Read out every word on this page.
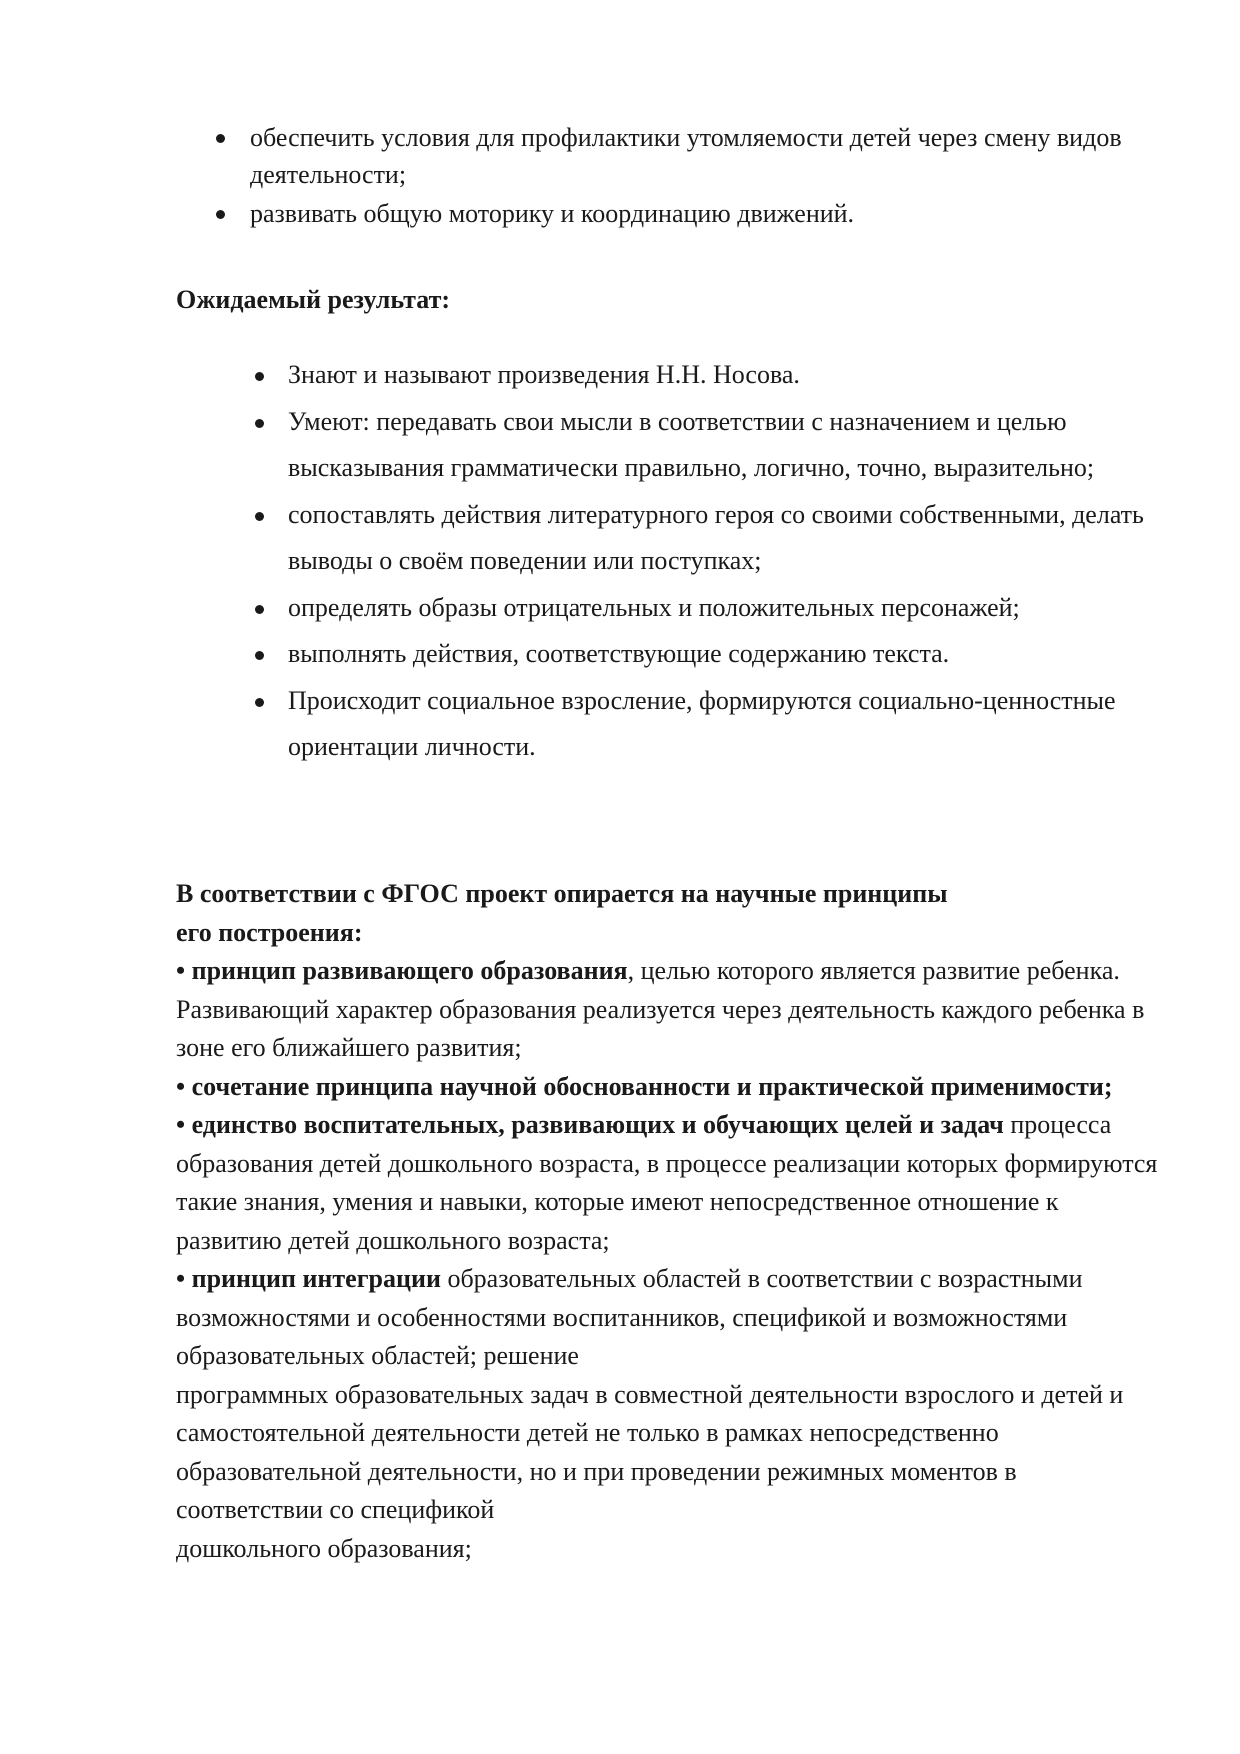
обеспечить условия для профилактики утомляемости детей через смену видов деятельности;
развивать общую моторику и координацию движений.
Ожидаемый результат:
Знают и называют произведения Н.Н. Носова.
Умеют: передавать свои мысли в соответствии с назначением и целью высказывания грамматически правильно, логично, точно, выразительно;
сопоставлять действия литературного героя со своими собственными, делать выводы о своём поведении или поступках;
определять образы отрицательных и положительных персонажей;
выполнять действия, соответствующие содержанию текста.
Происходит социальное взросление, формируются социально-ценностные ориентации личности.

В соответствии с ФГОС проект опирается на научные принципы
его построения:

• принцип развивающего образования, целью которого является развитие ребенка. Развивающий характер образования реализуется через деятельность каждого ребенка в зоне его ближайшего развития;

• сочетание принципа научной обоснованности и практической применимости;

• единство воспитательных, развивающих и обучающих целей и задач процесса образования детей дошкольного возраста, в процессе реализации которых формируются такие знания, умения и навыки, которые имеют непосредственное отношение к развитию детей дошкольного возраста;

• принцип интеграции образовательных областей в соответствии с возрастными возможностями и особенностями воспитанников, спецификой и возможностями образовательных областей; решение

программных образовательных задач в совместной деятельности взрослого и детей и самостоятельной деятельности детей не только в рамках непосредственно образовательной деятельности, но и при проведении режимных моментов в соответствии со спецификой

дошкольного образования;
